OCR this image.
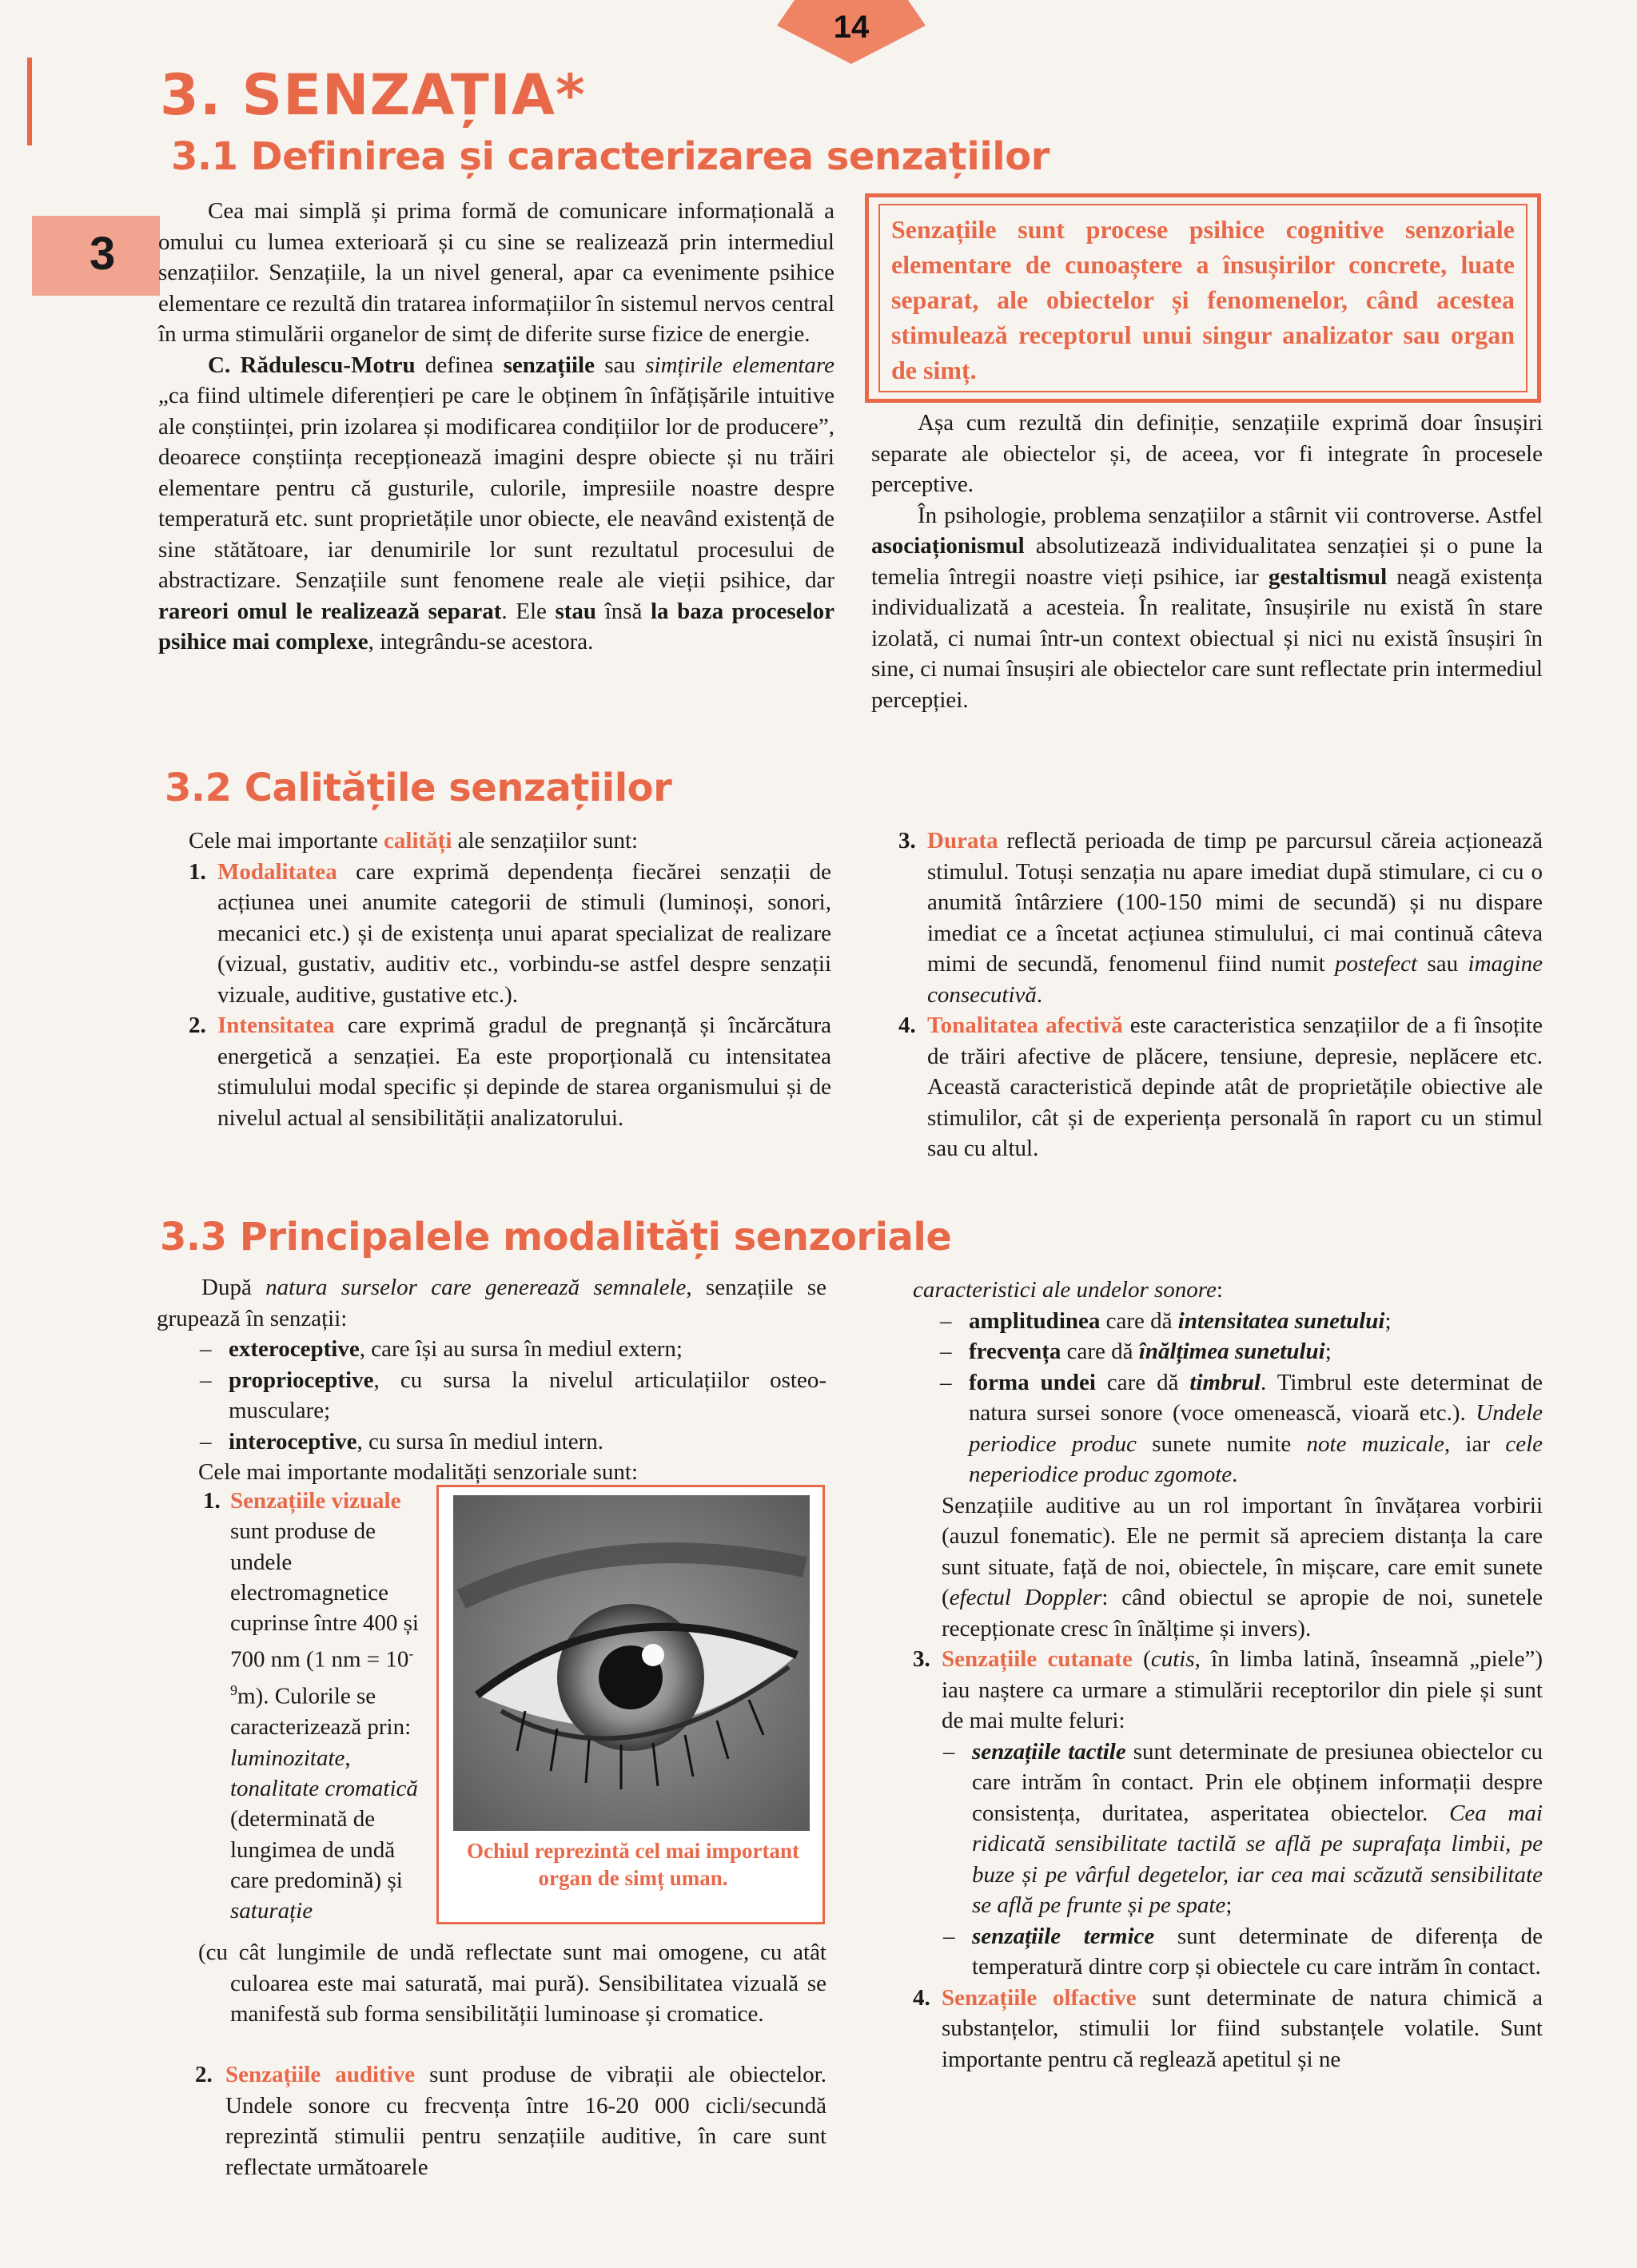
14
3
3. SENZAȚIA*
3.1 Definirea și caracterizarea senzațiilor

Cea mai simplă și prima formă de comunicare informațională a omului cu lumea exterioară și cu sine se realizează prin intermediul senzațiilor. Senzațiile, la un nivel general, apar ca evenimente psihice elementare ce rezultă din tratarea informațiilor în sistemul nervos central în urma stimulării organelor de simț de diferite surse fizice de energie.

C. Rădulescu-Motru definea senzațiile sau simțirile elementare „ca fiind ultimele diferențieri pe care le obținem în înfățișările intuitive ale conștiinței, prin izolarea și modificarea condițiilor lor de producere”, deoarece conștiința recepționează imagini despre obiecte și nu trăiri elementare pentru că gusturile, culorile, impresiile noastre despre temperatură etc. sunt proprietățile unor obiecte, ele neavând existență de sine stătătoare, iar denumirile lor sunt rezultatul procesului de abstractizare. Senzațiile sunt fenomene reale ale vieții psihice, dar rareori omul le realizează separat. Ele stau însă la baza proceselor psihice mai complexe, integrându-se acestora.

Senzațiile sunt procese psihice cognitive senzoriale elementare de cunoaștere a însușirilor concrete, luate separat, ale obiectelor și fenomenelor, când acestea stimulează receptorul unui singur analizator sau organ de simț.

Așa cum rezultă din definiție, senzațiile exprimă doar însușiri separate ale obiectelor și, de aceea, vor fi integrate în procesele perceptive.

În psihologie, problema senzațiilor a stârnit vii controverse. Astfel asociaționismul absolutizează individualitatea senzației și o pune la temelia întregii noastre vieți psihice, iar gestaltismul neagă existența individualizată a acesteia. În realitate, însușirile nu există în stare izolată, ci numai într-un context obiectual și nici nu există însușiri în sine, ci numai însușiri ale obiectelor care sunt reflectate prin intermediul percepției.

3.2 Calitățile senzațiilor

Cele mai importante calități ale senzațiilor sunt:

1. Modalitatea care exprimă dependența fiecărei senzații de acțiunea unei anumite categorii de stimuli (luminoși, sonori, mecanici etc.) și de existența unui aparat specializat de realizare (vizual, gustativ, auditiv etc., vorbindu-se astfel despre senzații vizuale, auditive, gustative etc.).
2. Intensitatea care exprimă gradul de pregnanță și încărcătura energetică a senzației. Ea este proporțională cu intensitatea stimulului modal specific și depinde de starea organismului și de nivelul actual al sensibilității analizatorului.
3. Durata reflectă perioada de timp pe parcursul căreia acționează stimulul. Totuși senzația nu apare imediat după stimulare, ci cu o anumită întârziere (100-150 mimi de secundă) și nu dispare imediat ce a încetat acțiunea stimulului, ci mai continuă câteva mimi de secundă, fenomenul fiind numit postefect sau imagine consecutivă.
4. Tonalitatea afectivă este caracteristica senzațiilor de a fi însoțite de trăiri afective de plăcere, tensiune, depresie, neplăcere etc. Această caracteristică depinde atât de proprietățile obiective ale stimulilor, cât și de experiența personală în raport cu un stimul sau cu altul.
3.3 Principalele modalități senzoriale

După natura surselor care generează semnalele, senzațiile se grupează în senzații:

– exteroceptive, care își au sursa în mediul extern;
– proprioceptive, cu sursa la nivelul articulațiilor osteo-musculare;
– interoceptive, cu sursa în mediul intern.

Cele mai importante modalități senzoriale sunt:

1. Senzațiile vizuale sunt produse de undele electromagnetice cuprinse între 400 și 700 nm (1 nm = $10^{-9}m$). Culorile se caracterizează prin: luminozitate, tonalitate cromatică (determinată de lungimea de undă care predomină) și saturație

(cu cât lungimile de undă reflectate sunt mai omogene, cu atât culoarea este mai saturată, mai pură). Sensibilitatea vizuală se manifestă sub forma sensibilității luminoase și cromatice.

Ochiul reprezintă cel mai important organ de simț uman.
2. Senzațiile auditive sunt produse de vibrații ale obiectelor. Undele sonore cu frecvența între 16-20 000 cicli/secundă reprezintă stimulii pentru senzațiile auditive, în care sunt reflectate următoarele

caracteristici ale undelor sonore:

– amplitudinea care dă intensitatea sunetului;
– frecvența care dă înălțimea sunetului;
– forma undei care dă timbrul. Timbrul este determinat de natura sursei sonore (voce omenească, vioară etc.). Undele periodice produc sunete numite note muzicale, iar cele neperiodice produc zgomote.

Senzațiile auditive au un rol important în învățarea vorbirii (auzul fonematic). Ele ne permit să apreciem distanța la care sunt situate, față de noi, obiectele, în mișcare, care emit sunete (efectul Doppler: când obiectul se apropie de noi, sunetele recepționate cresc în înălțime și invers).

3. Senzațiile cutanate (cutis, în limba latină, înseamnă „piele”) iau naștere ca urmare a stimulării receptorilor din piele și sunt de mai multe feluri:
– senzațiile tactile sunt determinate de presiunea obiectelor cu care intrăm în contact. Prin ele obținem informații despre consistența, duritatea, asperitatea obiectelor. Cea mai ridicată sensibilitate tactilă se află pe suprafața limbii, pe buze și pe vârful degetelor, iar cea mai scăzută sensibilitate se află pe frunte și pe spate;
– senzațiile termice sunt determinate de diferența de temperatură dintre corp și obiectele cu care intrăm în contact.
4. Senzațiile olfactive sunt determinate de natura chimică a substanțelor, stimulii lor fiind substanțele volatile. Sunt importante pentru că reglează apetitul și ne
